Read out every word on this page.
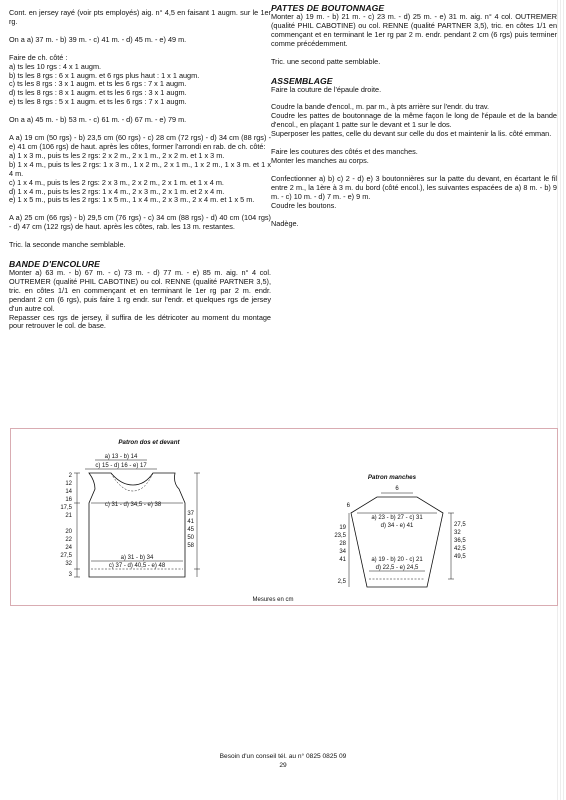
Cont. en jersey rayé (voir pts employés) aig. n° 4,5 en faisant 1 augm. sur le 1er rg.

On a a) 37 m. - b) 39 m. - c) 41 m. - d) 45 m. - e) 49 m.

Faire de ch. côté :

a) ts les 10 rgs : 4 x 1 augm.
b) ts les 8 rgs : 6 x 1 augm. et 6 rgs plus haut : 1 x 1 augm.
c) ts les 8 rgs : 3 x 1 augm. et ts les 6 rgs : 7 x 1 augm.
d) ts les 8 rgs : 8 x 1 augm. et ts les 6 rgs : 3 x 1 augm.
e) ts les 8 rgs : 5 x 1 augm. et ts les 6 rgs : 7 x 1 augm.

On a a) 45 m. - b) 53 m. - c) 61 m. - d) 67 m. - e) 79 m.

A a) 19 cm (50 rgs) - b) 23,5 cm (60 rgs) - c) 28 cm (72 rgs) - d) 34 cm (88 rgs) - e) 41 cm (106 rgs) de haut. après les côtes, former l'arrondi en rab. de ch. côté:
a) 1 x 3 m., puis ts les 2 rgs: 2 x 2 m., 2 x 1 m., 2 x 2 m. et 1 x 3 m.
b) 1 x 4 m., puis ts les 2 rgs: 1 x 3 m., 1 x 2 m., 2 x 1 m., 1 x 2 m., 1 x 3 m. et 1 x 4 m.
c) 1 x 4 m., puis ts les 2 rgs: 2 x 3 m., 2 x 2 m., 2 x 1 m. et 1 x 4 m.
d) 1 x 4 m., puis ts les 2 rgs: 1 x 4 m., 2 x 3 m., 2 x 1 m. et 2 x 4 m.
e) 1 x 5 m., puis ts les 2 rgs: 1 x 5 m., 1 x 4 m., 2 x 3 m., 2 x 4 m. et 1 x 5 m.

A a) 25 cm (66 rgs) - b) 29,5 cm (76 rgs) - c) 34 cm (88 rgs) - d) 40 cm (104 rgs) - d) 47 cm (122 rgs) de haut. après les côtes, rab. les 13 m. restantes.

Tric. la seconde manche semblable.

BANDE D'ENCOLURE

Monter a) 63 m. - b) 67 m. - c) 73 m. - d) 77 m. - e) 85 m. aig. n° 4 col. OUTREMER (qualité PHIL CABOTINE) ou col. RENNE (qualité PARTNER 3,5), tric. en côtes 1/1 en commençant et en terminant le 1er rg par 2 m. endr. pendant 2 cm (6 rgs), puis faire 1 rg endr. sur l'endr. et quelques rgs de jersey d'un autre col.
Repasser ces rgs de jersey, il suffira de les détricoter au moment du montage pour retrouver le col. de base.

PATTES DE BOUTONNAGE

Monter a) 19 m. - b) 21 m. - c) 23 m. - d) 25 m. - e) 31 m. aig. n° 4 col. OUTREMER (qualité PHIL CABOTINE) ou col. RENNE (qualité PARTNER 3,5), tric. en côtes 1/1 en commençant et en terminant le 1er rg par 2 m. endr. pendant 2 cm (6 rgs) puis terminer comme précédemment.

Tric. une second patte semblable.

ASSEMBLAGE

Faire la couture de l'épaule droite.

Coudre la bande d'encol., m. par m., à pts arrière sur l'endr. du trav.
Coudre les pattes de boutonnage de la même façon le long de l'épaule et de la bande d'encol., en plaçant 1 patte sur le devant et 1 sur le dos.
Superposer les pattes, celle du devant sur celle du dos et maintenir la lis. côté emman.

Faire les coutures des côtés et des manches.
Monter les manches au corps.

Confectionner a) b) c) 2 - d) e) 3 boutonnières sur la patte du devant, en écartant le fil entre 2 m., la 1ère à 3 m. du bord (côté encol.), les suivantes espacées de a) 8 m. - b) 9 m. - c) 10 m. - d) 7 m. - e) 9 m.
Coudre les boutons.

Nadège.

Patron dos et devant
a) 13 - b) 14
c) 15 - d) 16 - e) 17
c) 31 - d) 34,5 - e) 38
a) 31 - b) 34
c) 37 - d) 40,5 - e) 48
2
12
14
16
17,5
21
20
22
24
27,5
32
3
37
41
45
50
58
Patron manches
6
6
a) 23 - b) 27 - c) 31
d) 34 - e) 41
a) 19 - b) 20 - c) 21
d) 22,5 - e) 24,5
19
23,5
28
34
41
2,5
27,5
32
36,5
42,5
49,5
Mesures en cm
Besoin d'un conseil tél. au n° 0825 0825 09
29
